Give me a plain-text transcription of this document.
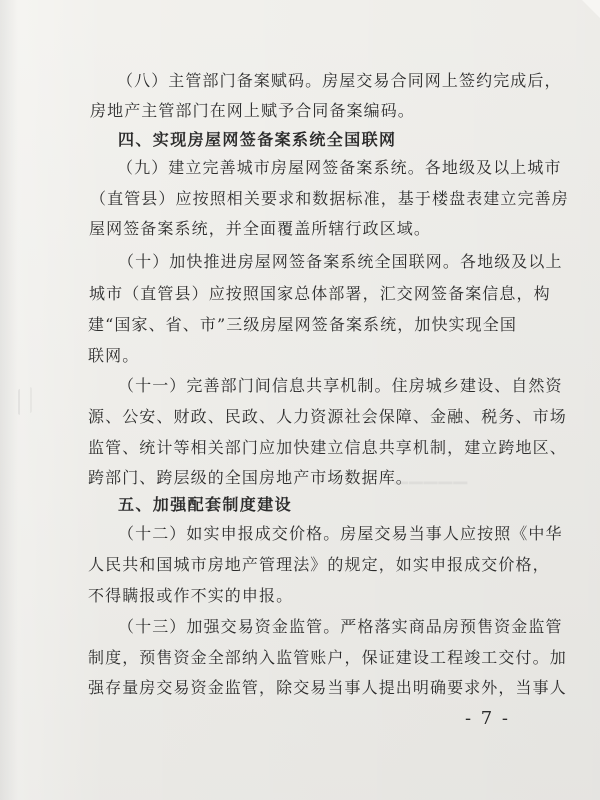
▁▁▁▁▁
（八）主管部门备案赋码。房屋交易合同网上签约完成后，
房地产主管部门在网上赋予合同备案编码。
四、实现房屋网签备案系统全国联网
（九）建立完善城市房屋网签备案系统。各地级及以上城市
（直管县）应按照相关要求和数据标准，基于楼盘表建立完善房
屋网签备案系统，并全面覆盖所辖行政区域。
（十）加快推进房屋网签备案系统全国联网。各地级及以上
城市（直管县）应按照国家总体部署，汇交网签备案信息，构
建“国家、省、市”三级房屋网签备案系统，加快实现全国
联网。
（十一）完善部门间信息共享机制。住房城乡建设、自然资
源、公安、财政、民政、人力资源社会保障、金融、税务、市场
监管、统计等相关部门应加快建立信息共享机制，建立跨地区、
跨部门、跨层级的全国房地产市场数据库。
五、加强配套制度建设
（十二）如实申报成交价格。房屋交易当事人应按照《中华
人民共和国城市房地产管理法》的规定，如实申报成交价格，
不得瞒报或作不实的申报。
（十三）加强交易资金监管。严格落实商品房预售资金监管
制度，预售资金全部纳入监管账户，保证建设工程竣工交付。加
强存量房交易资金监管，除交易当事人提出明确要求外，当事人
- 7 -
